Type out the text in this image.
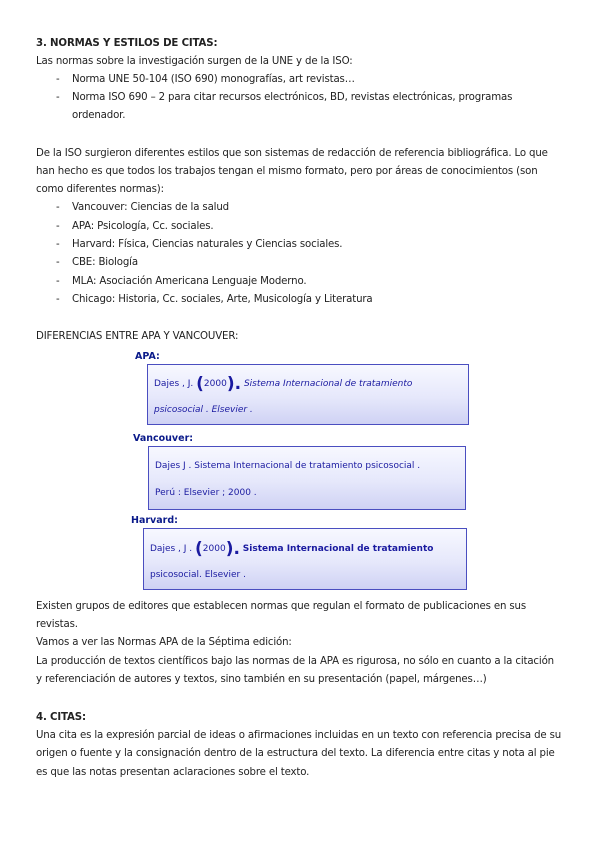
3. NORMAS Y ESTILOS DE CITAS:
Las normas sobre la investigación surgen de la UNE y de la ISO:
- Norma UNE 50-104 (ISO 690) monografías, art revistas…
- Norma ISO 690 – 2 para citar recursos electrónicos, BD, revistas electrónicas, programas
ordenador.
De la ISO surgieron diferentes estilos que son sistemas de redacción de referencia bibliográfica. Lo que
han hecho es que todos los trabajos tengan el mismo formato, pero por áreas de conocimientos (son
como diferentes normas):
- Vancouver: Ciencias de la salud
- APA: Psicología, Cc. sociales.
- Harvard: Física, Ciencias naturales y Ciencias sociales.
- CBE: Biología
- MLA: Asociación Americana Lenguaje Moderno.
- Chicago: Historia, Cc. sociales, Arte, Musicología y Literatura
DIFERENCIAS ENTRE APA Y VANCOUVER:
APA:
Dajes , J. (2000). Sistema Internacional de tratamiento
psicosocial . Elsevier .
Vancouver:
Dajes J . Sistema Internacional de tratamiento psicosocial .
Perú : Elsevier ; 2000 .
Harvard:
Dajes , J . (2000). Sistema Internacional de tratamiento
psicosocial. Elsevier .
Existen grupos de editores que establecen normas que regulan el formato de publicaciones en sus
revistas.
Vamos a ver las Normas APA de la Séptima edición:
La producción de textos científicos bajo las normas de la APA es rigurosa, no sólo en cuanto a la citación
y referenciación de autores y textos, sino también en su presentación (papel, márgenes…)
4. CITAS:
Una cita es la expresión parcial de ideas o afirmaciones incluidas en un texto con referencia precisa de su
origen o fuente y la consignación dentro de la estructura del texto. La diferencia entre citas y nota al pie
es que las notas presentan aclaraciones sobre el texto.
